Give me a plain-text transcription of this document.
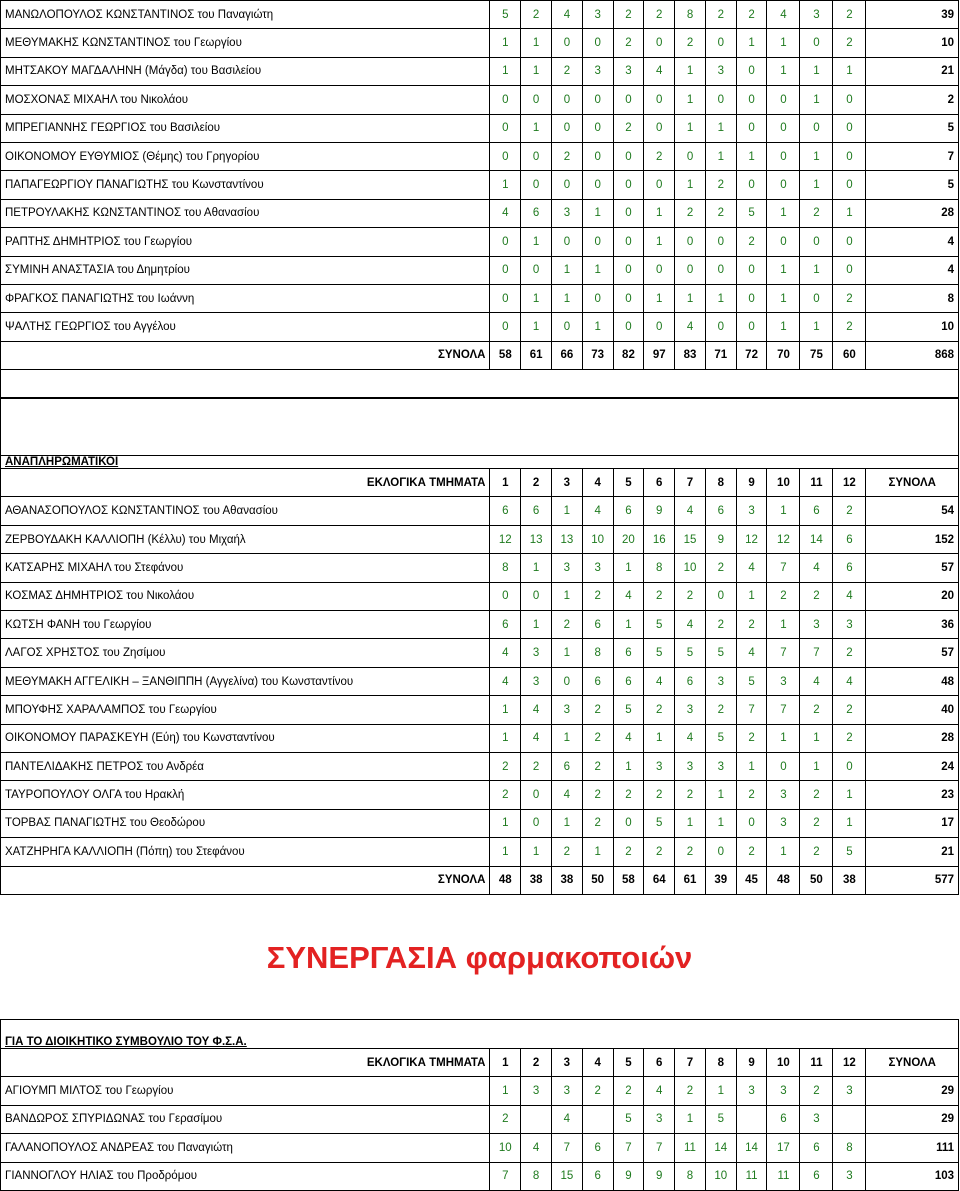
ΜΑΝΩΛΟΠΟΥΛΟΣ ΚΩΝΣΤΑΝΤΙΝΟΣ του Παναγιώτη	5	2	4	3	2	2	8	2	2	4	3	2	39
ΜΕΘΥΜΑΚΗΣ ΚΩΝΣΤΑΝΤΙΝΟΣ του Γεωργίου	1	1	0	0	2	0	2	0	1	1	0	2	10
ΜΗΤΣΑΚΟΥ ΜΑΓΔΑΛΗΝΗ (Μάγδα) του Βασιλείου	1	1	2	3	3	4	1	3	0	1	1	1	21
ΜΟΣΧΟΝΑΣ ΜΙΧΑΗΛ του Νικολάου	0	0	0	0	0	0	1	0	0	0	1	0	2
ΜΠΡΕΓΙΑΝΝΗΣ ΓΕΩΡΓΙΟΣ του Βασιλείου	0	1	0	0	2	0	1	1	0	0	0	0	5
ΟΙΚΟΝΟΜΟΥ ΕΥΘΥΜΙΟΣ (Θέμης) του Γρηγορίου	0	0	2	0	0	2	0	1	1	0	1	0	7
ΠΑΠΑΓΕΩΡΓΙΟΥ ΠΑΝΑΓΙΩΤΗΣ του Κωνσταντίνου	1	0	0	0	0	0	1	2	0	0	1	0	5
ΠΕΤΡΟΥΛΑΚΗΣ ΚΩΝΣΤΑΝΤΙΝΟΣ του Αθανασίου	4	6	3	1	0	1	2	2	5	1	2	1	28
ΡΑΠΤΗΣ ΔΗΜΗΤΡΙΟΣ του Γεωργίου	0	1	0	0	0	1	0	0	2	0	0	0	4
ΣΥΜΙΝΗ ΑΝΑΣΤΑΣΙΑ του Δημητρίου	0	0	1	1	0	0	0	0	0	1	1	0	4
ΦΡΑΓΚΟΣ ΠΑΝΑΓΙΩΤΗΣ του Ιωάννη	0	1	1	0	0	1	1	1	0	1	0	2	8
ΨΑΛΤΗΣ ΓΕΩΡΓΙΟΣ του Αγγέλου	0	1	0	1	0	0	4	0	0	1	1	2	10
ΣΥΝΟΛΑ	58	61	66	73	82	97	83	71	72	70	75	60	868

ΑΝΑΠΛΗΡΩΜΑΤΙΚΟΙ													
ΕΚΛΟΓΙΚΑ ΤΜΗΜΑΤΑ	1	2	3	4	5	6	7	8	9	10	11	12	ΣΥΝΟΛΑ
ΑΘΑΝΑΣΟΠΟΥΛΟΣ ΚΩΝΣΤΑΝΤΙΝΟΣ του Αθανασίου	6	6	1	4	6	9	4	6	3	1	6	2	54
ΖΕΡΒΟΥΔΑΚΗ ΚΑΛΛΙΟΠΗ (Κέλλυ) του Μιχαήλ	12	13	13	10	20	16	15	9	12	12	14	6	152
ΚΑΤΣΑΡΗΣ ΜΙΧΑΗΛ του Στεφάνου	8	1	3	3	1	8	10	2	4	7	4	6	57
ΚΟΣΜΑΣ ΔΗΜΗΤΡΙΟΣ του Νικολάου	0	0	1	2	4	2	2	0	1	2	2	4	20
ΚΩΤΣΗ ΦΑΝΗ του Γεωργίου	6	1	2	6	1	5	4	2	2	1	3	3	36
ΛΑΓΟΣ ΧΡΗΣΤΟΣ του Ζησίμου	4	3	1	8	6	5	5	5	4	7	7	2	57
ΜΕΘΥΜΑΚΗ ΑΓΓΕΛΙΚΗ – ΞΑΝΘΙΠΠΗ (Αγγελίνα) του Κωνσταντίνου	4	3	0	6	6	4	6	3	5	3	4	4	48
ΜΠΟΥΦΗΣ ΧΑΡΑΛΑΜΠΟΣ του Γεωργίου	1	4	3	2	5	2	3	2	7	7	2	2	40
ΟΙΚΟΝΟΜΟΥ ΠΑΡΑΣΚΕΥΗ (Εύη) του Κωνσταντίνου	1	4	1	2	4	1	4	5	2	1	1	2	28
ΠΑΝΤΕΛΙΔΑΚΗΣ ΠΕΤΡΟΣ του Ανδρέα	2	2	6	2	1	3	3	3	1	0	1	0	24
ΤΑΥΡΟΠΟΥΛΟΥ ΟΛΓΑ του Ηρακλή	2	0	4	2	2	2	2	1	2	3	2	1	23
ΤΟΡΒΑΣ ΠΑΝΑΓΙΩΤΗΣ του Θεοδώρου	1	0	1	2	0	5	1	1	0	3	2	1	17
ΧΑΤΖΗΡΗΓΑ ΚΑΛΛΙΟΠΗ (Πόπη) του Στεφάνου	1	1	2	1	2	2	2	0	2	1	2	5	21
ΣΥΝΟΛΑ	48	38	38	50	58	64	61	39	45	48	50	38	577
ΣΥΝΕΡΓΑΣΙΑ φαρμακοποιών
ΓΙΑ ΤΟ ΔΙΟΙΚΗΤΙΚΟ ΣΥΜΒΟΥΛΙΟ ΤΟΥ Φ.Σ.Α.													
ΕΚΛΟΓΙΚΑ ΤΜΗΜΑΤΑ	1	2	3	4	5	6	7	8	9	10	11	12	ΣΥΝΟΛΑ
ΑΓΙΟΥΜΠ ΜΙΛΤΟΣ του Γεωργίου	1	3	3	2	2	4	2	1	3	3	2	3	29
ΒΑΝΔΩΡΟΣ ΣΠΥΡΙΔΩΝΑΣ του Γερασίμου	2		4		5	3	1	5		6	3		29
ΓΑΛΑΝΟΠΟΥΛΟΣ ΑΝΔΡΕΑΣ του Παναγιώτη	10	4	7	6	7	7	11	14	14	17	6	8	111
ΓΙΑΝΝΟΓΛΟΥ ΗΛΙΑΣ του Προδρόμου	7	8	15	6	9	9	8	10	11	11	6	3	103
